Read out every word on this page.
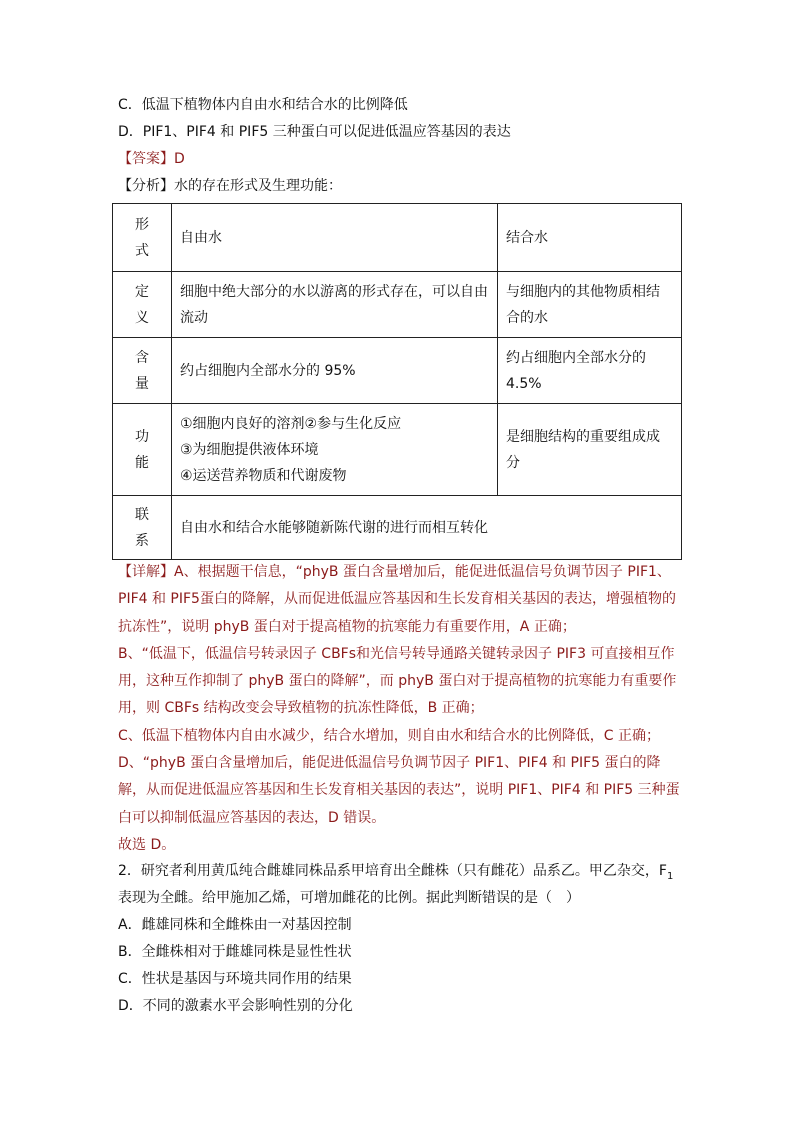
C．低温下植物体内自由水和结合水的比例降低
D．PIF1、PIF4 和 PIF5 三种蛋白可以促进低温应答基因的表达
【答案】D
【分析】水的存在形式及生理功能：
形式	自由水	结合水

定义	细胞中绝大部分的水以游离的形式存在，可以自由流动	与细胞内的其他物质相结合的水

含量	约占细胞内全部水分的 95%	约占细胞内全部水分的 4.5%

功能	①细胞内良好的溶剂②参与生化反应
③为细胞提供液体环境
④运送营养物质和代谢废物	是细胞结构的重要组成成分

联系	自由水和结合水能够随新陈代谢的进行而相互转化	

【详解】A、根据题干信息，“phyB 蛋白含量增加后，能促进低温信号负调节因子 PIF1、PIF4 和 PIF5蛋白的降解，从而促进低温应答基因和生长发育相关基因的表达，增强植物的抗冻性”，说明 phyB 蛋白对于提高植物的抗寒能力有重要作用，A 正确；

B、“低温下，低温信号转录因子 CBFs和光信号转导通路关键转录因子 PIF3 可直接相互作用，这种互作抑制了 phyB 蛋白的降解”，而 phyB 蛋白对于提高植物的抗寒能力有重要作用，则 CBFs 结构改变会导致植物的抗冻性降低，B 正确；

C、低温下植物体内自由水减少，结合水增加，则自由水和结合水的比例降低，C 正确；

D、“phyB 蛋白含量增加后，能促进低温信号负调节因子 PIF1、PIF4 和 PIF5 蛋白的降解，从而促进低温应答基因和生长发育相关基因的表达”，说明 PIF1、PIF4 和 PIF5 三种蛋白可以抑制低温应答基因的表达，D 错误。

故选 D。

2．研究者利用黄瓜纯合雌雄同株品系甲培育出全雌株（只有雌花）品系乙。甲乙杂交，$F_1$
表现为全雌。给甲施加乙烯，可增加雌花的比例。据此判断错误的是（　）
A．雌雄同株和全雌株由一对基因控制
B．全雌株相对于雌雄同株是显性性状
C．性状是基因与环境共同作用的结果
D．不同的激素水平会影响性别的分化
